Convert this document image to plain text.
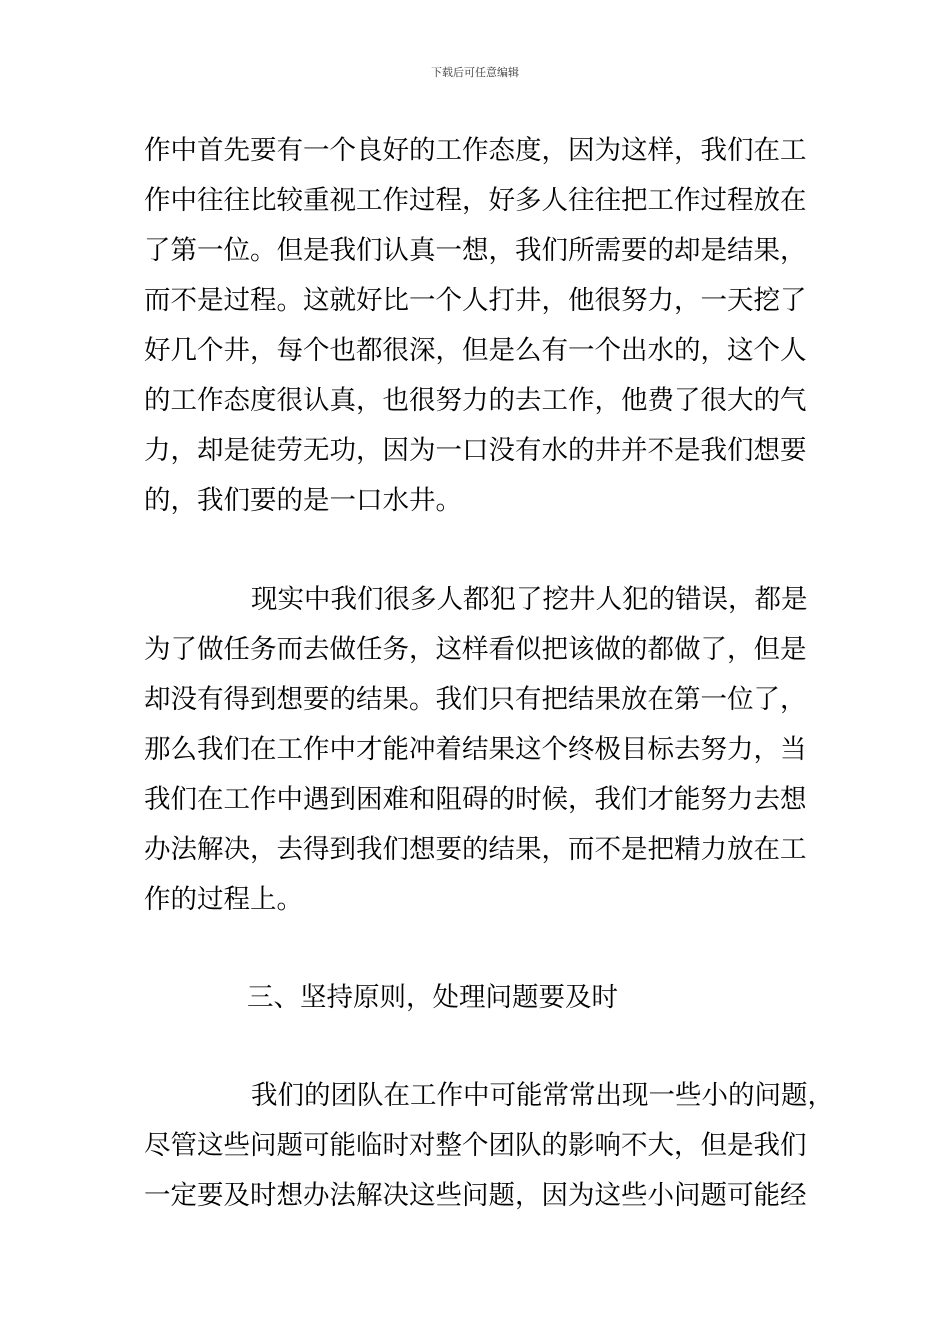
下载后可任意编辑
作中首先要有一个良好的工作态度，因为这样，我们在工
作中往往比较重视工作过程，好多人往往把工作过程放在
了第一位。但是我们认真一想，我们所需要的却是结果，
而不是过程。这就好比一个人打井，他很努力，一天挖了
好几个井，每个也都很深，但是么有一个出水的，这个人
的工作态度很认真，也很努力的去工作，他费了很大的气
力，却是徒劳无功，因为一口没有水的井并不是我们想要
的，我们要的是一口水井。
现实中我们很多人都犯了挖井人犯的错误，都是
为了做任务而去做任务，这样看似把该做的都做了，但是
却没有得到想要的结果。我们只有把结果放在第一位了，
那么我们在工作中才能冲着结果这个终极目标去努力，当
我们在工作中遇到困难和阻碍的时候，我们才能努力去想
办法解决，去得到我们想要的结果，而不是把精力放在工
作的过程上。
三、坚持原则，处理问题要及时
我们的团队在工作中可能常常出现一些小的问题，
尽管这些问题可能临时对整个团队的影响不大，但是我们
一定要及时想办法解决这些问题，因为这些小问题可能经
